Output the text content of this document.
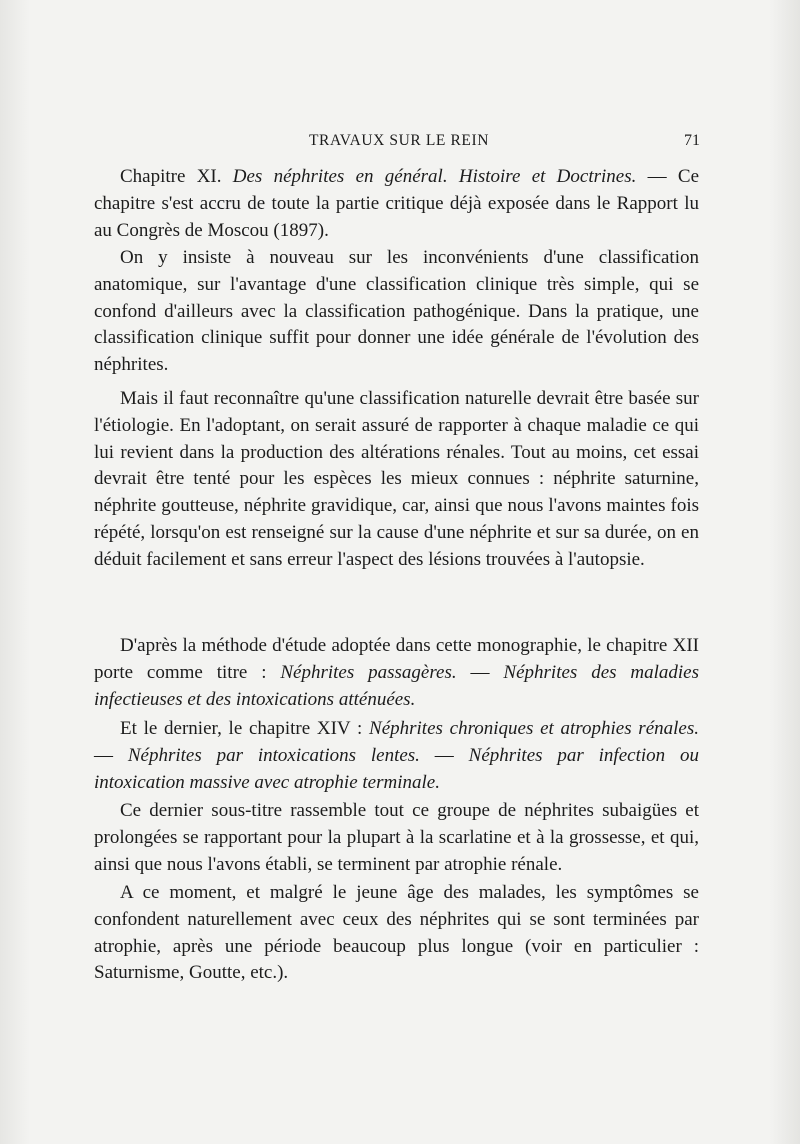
TRAVAUX SUR LE REIN	71

Chapitre XI. Des néphrites en général. Histoire et Doctrines. — Ce chapitre s'est accru de toute la partie critique déjà exposée dans le Rapport lu au Congrès de Moscou (1897).

On y insiste à nouveau sur les inconvénients d'une classification anatomique, sur l'avantage d'une classification clinique très simple, qui se confond d'ailleurs avec la classification pathogénique. Dans la pratique, une classification clinique suffit pour donner une idée générale de l'évolution des néphrites.

Mais il faut reconnaître qu'une classification naturelle devrait être basée sur l'étiologie. En l'adoptant, on serait assuré de rapporter à chaque maladie ce qui lui revient dans la production des altérations rénales. Tout au moins, cet essai devrait être tenté pour les espèces les mieux connues : néphrite saturnine, néphrite goutteuse, néphrite gravidique, car, ainsi que nous l'avons maintes fois répété, lorsqu'on est renseigné sur la cause d'une néphrite et sur sa durée, on en déduit facilement et sans erreur l'aspect des lésions trouvées à l'autopsie.

D'après la méthode d'étude adoptée dans cette monographie, le chapitre XII porte comme titre : Néphrites passagères. — Néphrites des maladies infectieuses et des intoxications atténuées.

Et le dernier, le chapitre XIV : Néphrites chroniques et atrophies rénales. — Néphrites par intoxications lentes. — Néphrites par infection ou intoxication massive avec atrophie terminale.

Ce dernier sous-titre rassemble tout ce groupe de néphrites subaigües et prolongées se rapportant pour la plupart à la scarlatine et à la grossesse, et qui, ainsi que nous l'avons établi, se terminent par atrophie rénale.

A ce moment, et malgré le jeune âge des malades, les symptômes se confondent naturellement avec ceux des néphrites qui se sont terminées par atrophie, après une période beaucoup plus longue (voir en particulier : Saturnisme, Goutte, etc.).
